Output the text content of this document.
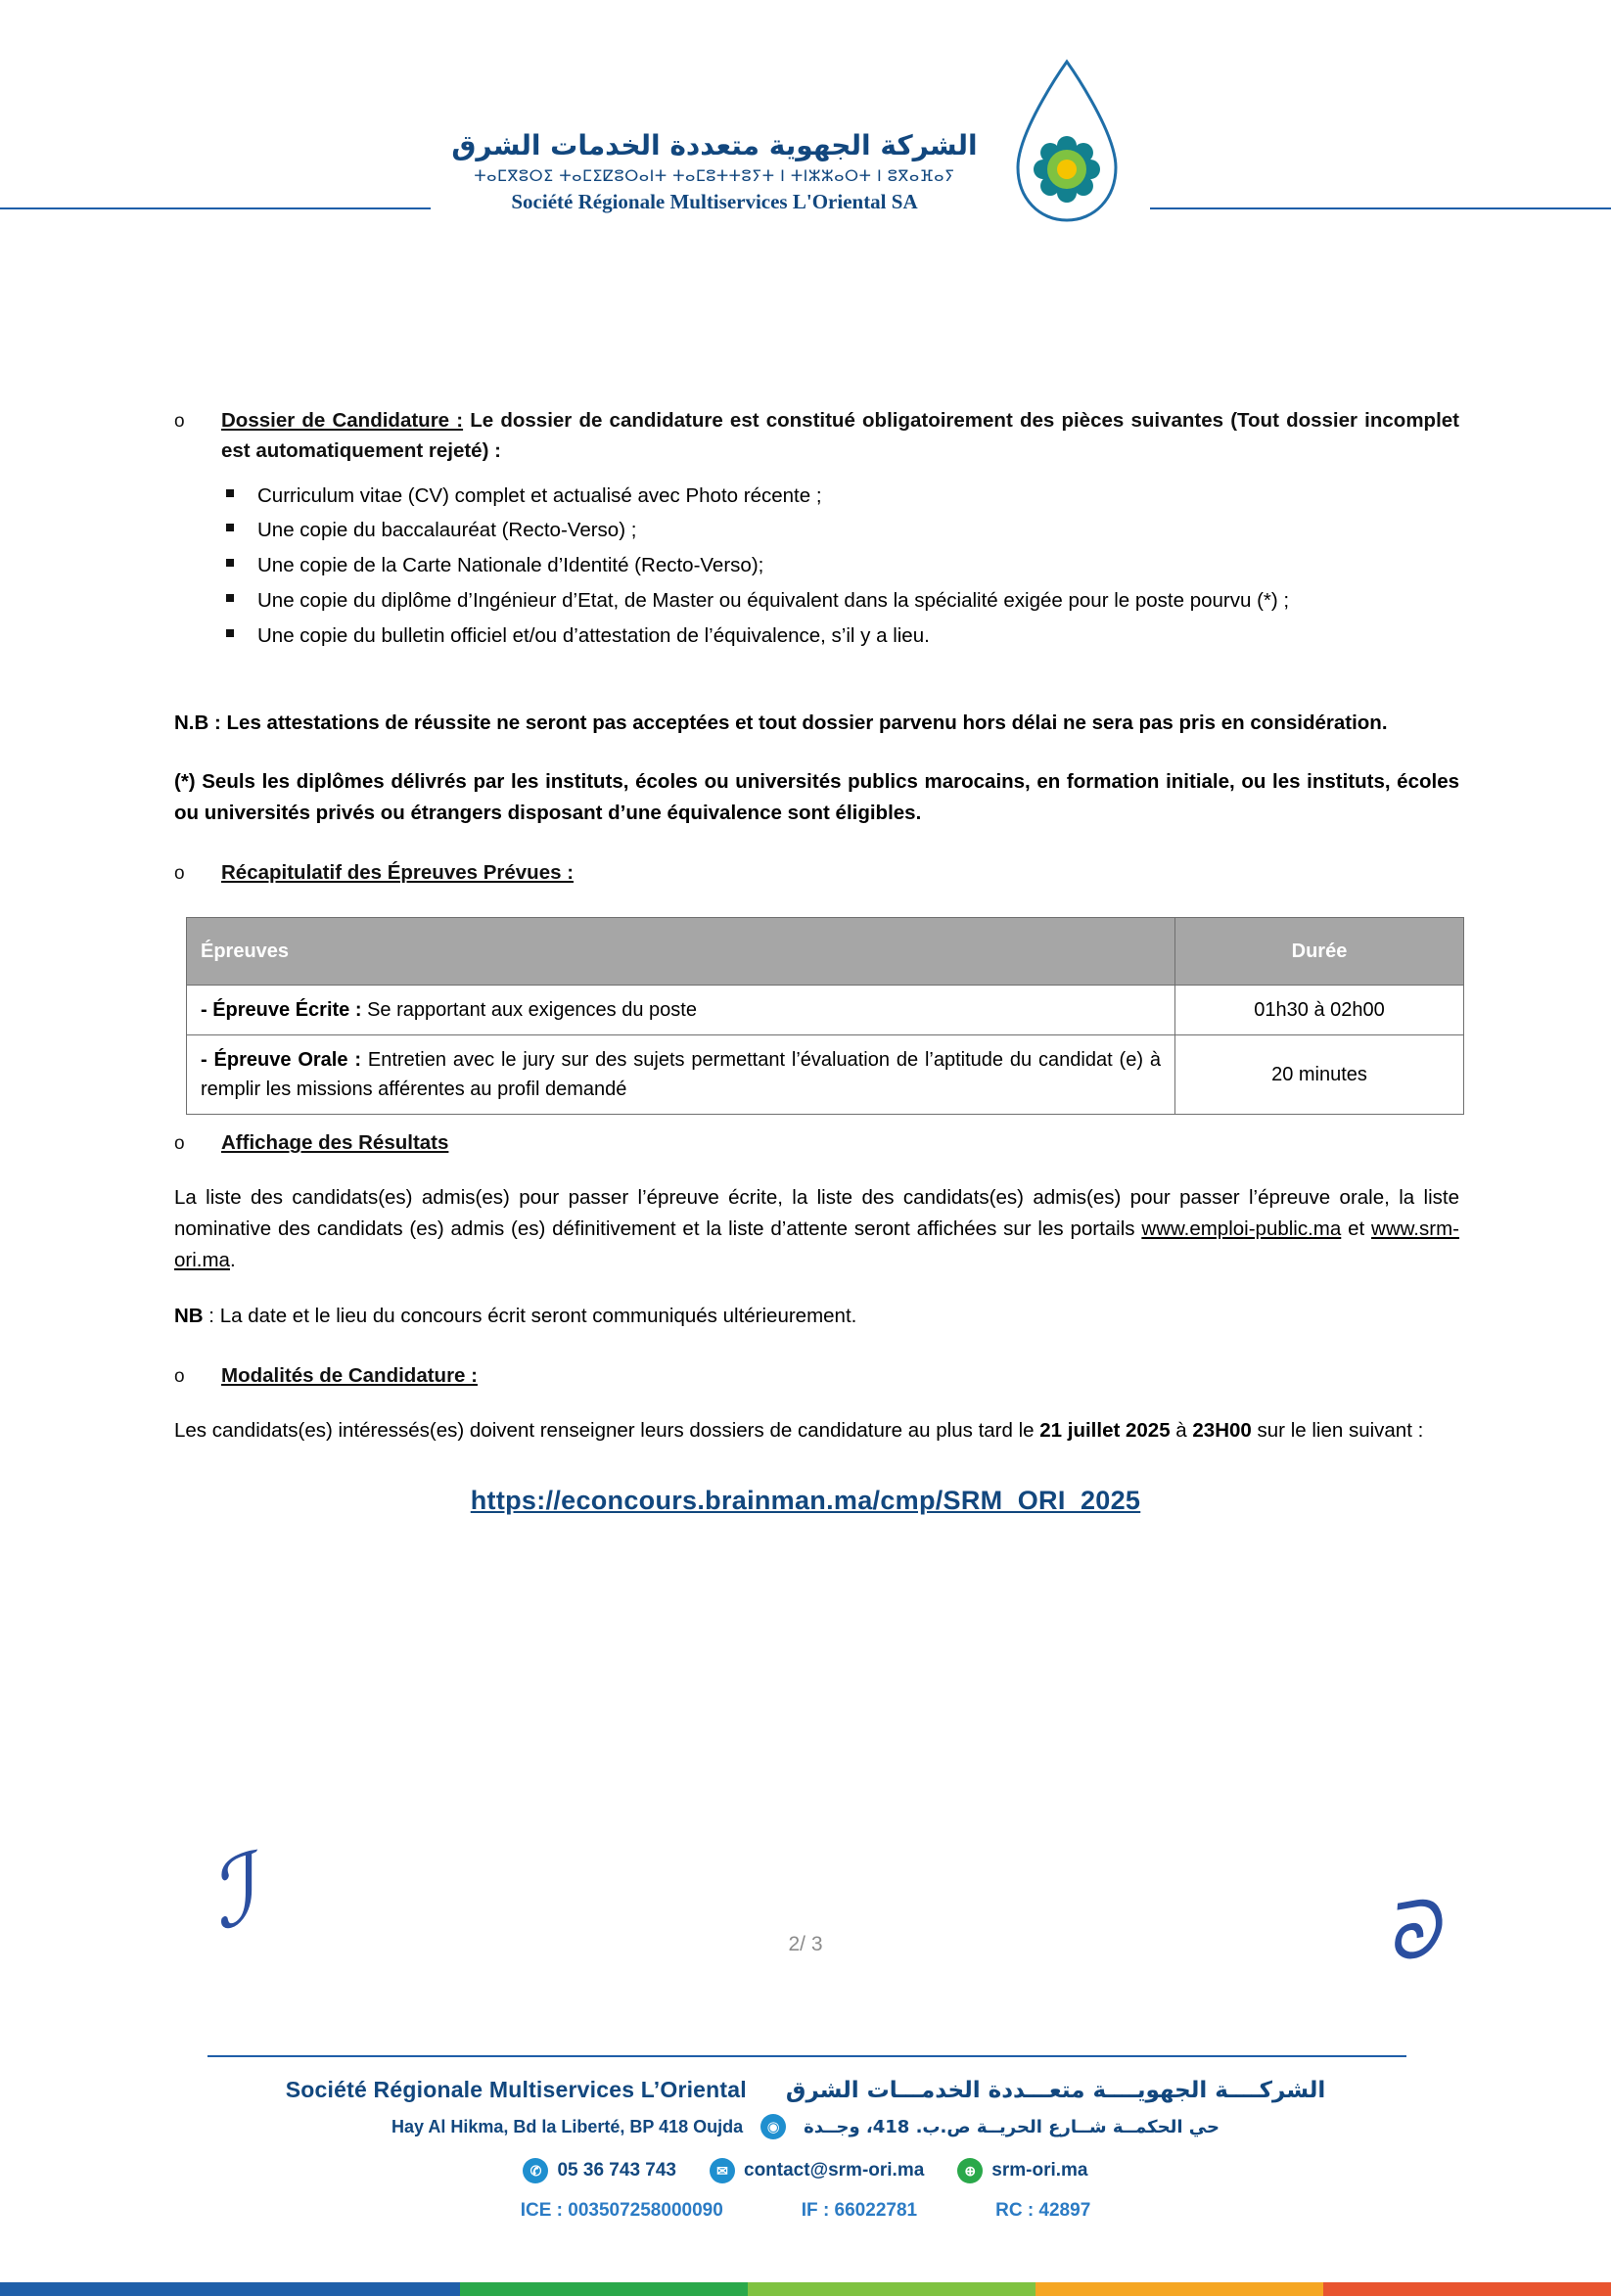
الشركة الجهوية متعددة الخدمات الشرق
ⵜⴰⵎⴳⵓⵔⵉ ⵜⴰⵎⵉⵇⵓⵔⴰⵏⵜ ⵜⴰⵎⵓⵜⵜⵓⵢⵜ ⵏ ⵜⵏⵣⵣⴰⵔⵜ ⵏ ⵓⴳⴰⴼⴰⵢ
Société Régionale Multiservices L'Oriental SA
o Dossier de Candidature : Le dossier de candidature est constitué obligatoirement des pièces suivantes (Tout dossier incomplet est automatiquement rejeté) :
Curriculum vitae (CV) complet et actualisé avec Photo récente ;
Une copie du baccalauréat (Recto-Verso) ;
Une copie de la Carte Nationale d’Identité (Recto-Verso);
Une copie du diplôme d’Ingénieur d’Etat, de Master ou équivalent dans la spécialité exigée pour le poste pourvu (*) ;
Une copie du bulletin officiel et/ou d’attestation de l’équivalence, s’il y a lieu.
N.B : Les attestations de réussite ne seront pas acceptées et tout dossier parvenu hors délai ne sera pas pris en considération.
(*) Seuls les diplômes délivrés par les instituts, écoles ou universités publics marocains, en formation initiale, ou les instituts, écoles ou universités privés ou étrangers disposant d’une équivalence sont éligibles.
o Récapitulatif des Épreuves Prévues :
Épreuves	Durée
- Épreuve Écrite : Se rapportant aux exigences du poste	01h30 à 02h00
- Épreuve Orale : Entretien avec le jury sur des sujets permettant l’évaluation de l’aptitude du candidat (e) à remplir les missions afférentes au profil demandé	20 minutes
o Affichage des Résultats
La liste des candidats(es) admis(es) pour passer l’épreuve écrite, la liste des candidats(es) admis(es) pour passer l’épreuve orale, la liste nominative des candidats (es) admis (es) définitivement et la liste d’attente seront affichées sur les portails www.emploi-public.ma et www.srm-ori.ma.
NB : La date et le lieu du concours écrit seront communiqués ultérieurement.
o Modalités de Candidature :
Les candidats(es) intéressés(es) doivent renseigner leurs dossiers de candidature au plus tard le 21 juillet 2025 à 23H00 sur le lien suivant :
https://econcours.brainman.ma/cmp/SRM_ORI_2025
ℐ	ᘐ
2/ 3
Société Régionale Multiservices L’Oriental الشركــــة الجهويــــة متعـــددة الخدمـــات الشرق
Hay Al Hikma, Bd la Liberté, BP 418 Oujda	◉	حي الحكمــة شــارع الحريــة ص.ب. 418، وجــدة
✆ 05 36 743 743	✉ contact@srm-ori.ma	⊕ srm-ori.ma
ICE : 003507258000090	IF : 66022781	RC : 42897
